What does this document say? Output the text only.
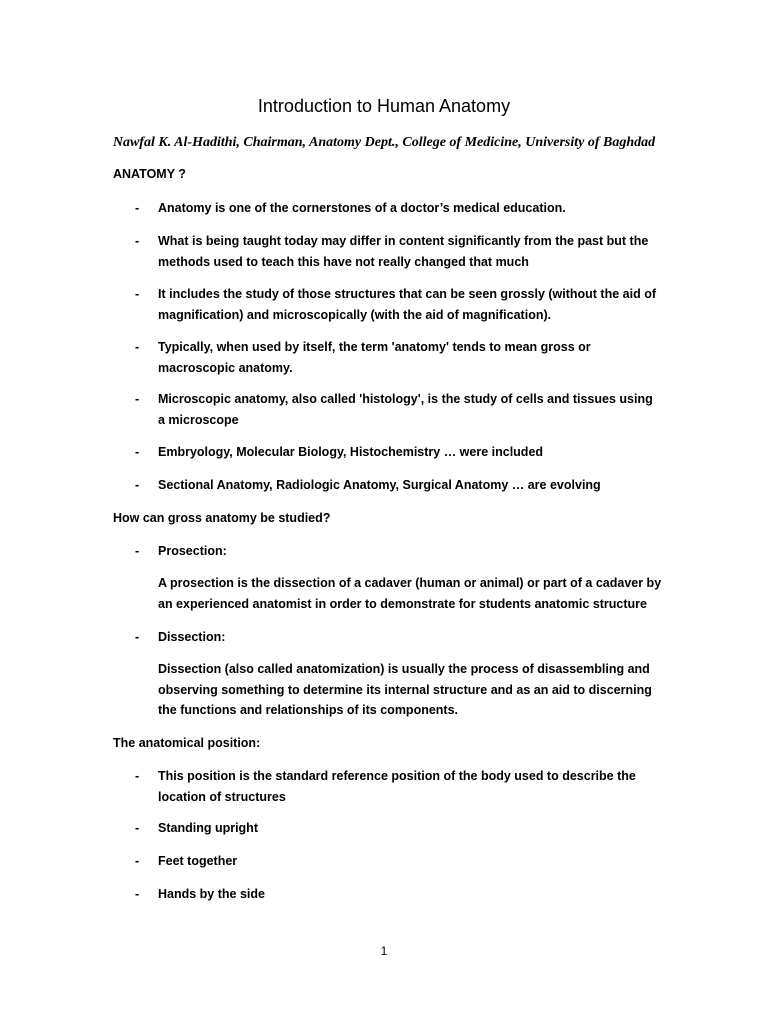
Introduction to Human Anatomy
Nawfal K. Al-Hadithi, Chairman, Anatomy Dept., College of Medicine, University of Baghdad

ANATOMY ?

-	Anatomy is one of the cornerstones of a doctor’s medical education.

-	What is being taught today may differ in content significantly from the past but the methods used to teach this have not really changed that much

-	It includes the study of those structures that can be seen grossly (without the aid of magnification) and microscopically (with the aid of magnification).

-	Typically, when used by itself, the term 'anatomy' tends to mean gross or macroscopic anatomy.

-	Microscopic anatomy, also called 'histology', is the study of cells and tissues using a microscope

-	Embryology, Molecular Biology, Histochemistry … were included

-	Sectional Anatomy, Radiologic Anatomy, Surgical Anatomy … are evolving

How can gross anatomy be studied?

-	Prosection:

A prosection is the dissection of a cadaver (human or animal) or part of a cadaver by an experienced anatomist in order to demonstrate for students anatomic structure

-	Dissection:

Dissection (also called anatomization) is usually the process of disassembling and observing something to determine its internal structure and as an aid to discerning the functions and relationships of its components.

The anatomical position:

-	This position is the standard reference position of the body used to describe the location of structures

-	Standing upright

-	Feet together

-	Hands by the side

1
